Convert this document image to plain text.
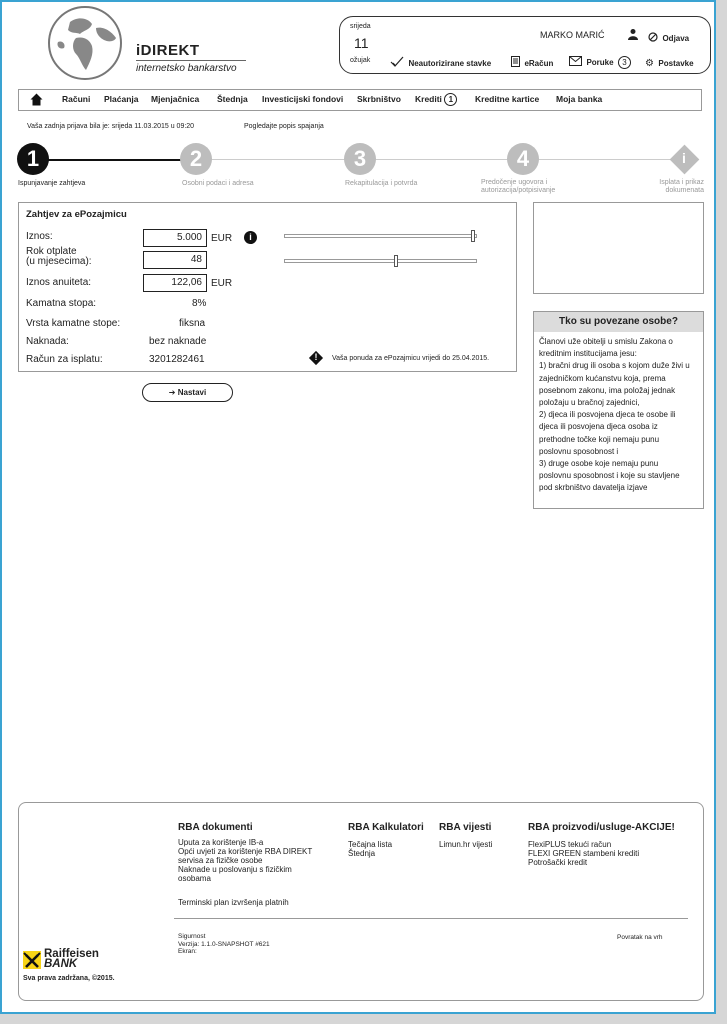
iDIREKT
internetsko bankarstvo
srijeda
11
ožujak
MARKO MARIĆ	Odjava
Neautorizirane stavke	eRačun	Poruke 3	⚙ Postavke
Računi Plaćanja Mjenjačnica Štednja Investicijski fondovi Skrbništvo Krediti 1	Kreditne kartice Moja banka
Vaša zadnja prijava bila je: srijeda 11.03.2015 u 09:20	Pogledajte popis spajanja
1	2	3	4	i
Ispunjavanje zahtjeva	Osobni podaci i adresa	Rekapitulacija i potvrda	Predočenje ugovora i
autorizacija/potpisivanje
Isplata i prikaz
dokumenata
Zahtjev za ePozajmicu
Iznos:	5.000 EUR	i
Rok otplate
(u mjesecima):	48
Iznos anuiteta:	122,06 EUR
Kamatna stopa:	8%
Vrsta kamatne stope:	fiksna
Naknada:	bez naknade
Račun za isplatu:	3201282461	!	Vaša ponuda za ePozajmicu vrijedi do 25.04.2015.
➔ Nastavi
Tko su povezane osobe?
Članovi uže obitelji u smislu Zakona o
kreditnim institucijama jesu:
1) bračni drug ili osoba s kojom duže živi u
zajedničkom kućanstvu koja, prema
posebnom zakonu, ima položaj jednak
položaju u bračnoj zajednici,
2) djeca ili posvojena djeca te osobe ili
djeca ili posvojena djeca osoba iz
prethodne točke koji nemaju punu
poslovnu sposobnost i
3) druge osobe koje nemaju punu
poslovnu sposobnost i koje su stavljene
pod skrbništvo davatelja izjave
RBA dokumenti
Uputa za korištenje IB-a
Opći uvjeti za korištenje RBA DIREKT
servisa za fizičke osobe
Naknade u poslovanju s fizičkim
osobama
Terminski plan izvršenja platnih
RBA Kalkulatori
Tečajna lista
Štednja
RBA vijesti
Limun.hr vijesti
RBA proizvodi/usluge-AKCIJE!
FlexiPLUS tekući račun
FLEXI GREEN stambeni krediti
Potrošački kredit
Sigurnost
Verzija: 1.1.0-SNAPSHOT #621
Ekran:
Povratak na vrh
Raiffeisen
BANK
Sva prava zadržana, ©2015.
